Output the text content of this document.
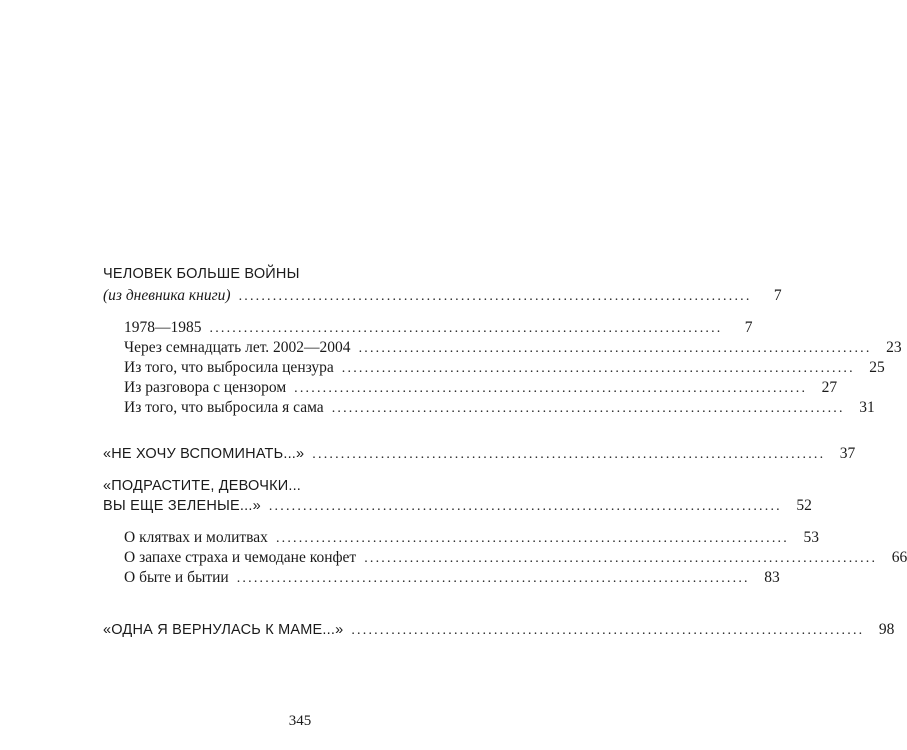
ЧЕЛОВЕК БОЛЬШЕ ВОЙНЫ
(из дневника книги) ..........................................................................................	7
1978—1985 ..........................................................................................	7
Через семнадцать лет. 2002—2004 .......................................................................................... 23
Из того, что выбросила цензура .......................................................................................... 25
Из разговора с цензором .......................................................................................... 27
Из того, что выбросила я сама .......................................................................................... 31
«НЕ ХОЧУ ВСПОМИНАТЬ...» .......................................................................................... 37
«ПОДРАСТИТЕ, ДЕВОЧКИ...
ВЫ ЕЩЕ ЗЕЛЕНЫЕ...» .......................................................................................... 52
О клятвах и молитвах .......................................................................................... 53
О запахе страха и чемодане конфет .......................................................................................... 66
О быте и бытии .......................................................................................... 83
«ОДНА Я ВЕРНУЛАСЬ К МАМЕ...» .......................................................................................... 98
345
